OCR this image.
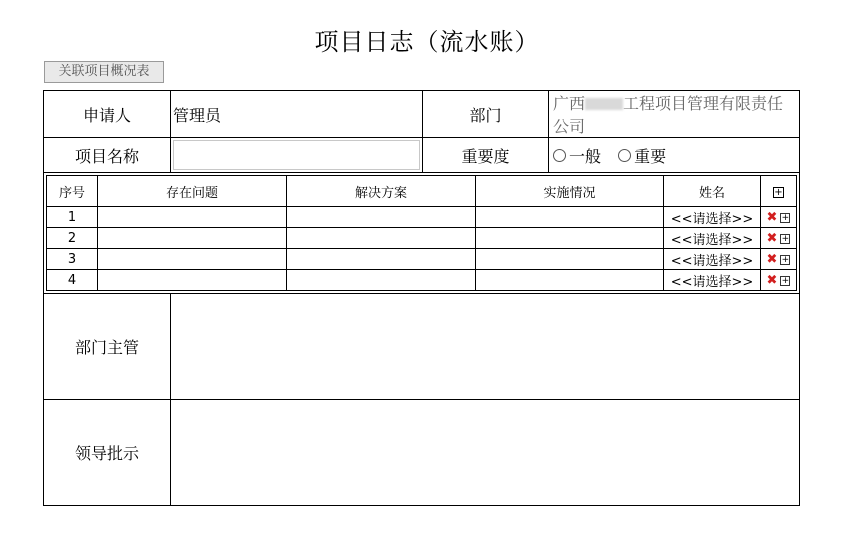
项目日志（流水账）
关联项目概况表
申请人	管理员	部门	广西 工程项目管理有限责任公司
项目名称		重要度	一般
重要

序号	存在问题	解决方案	实施情况	姓名	+
1				<<请选择>>	✖ +
2				<<请选择>>	✖ +
3				<<请选择>>	✖ +
4				<<请选择>>	✖ +

部门主管	
领导批示	
